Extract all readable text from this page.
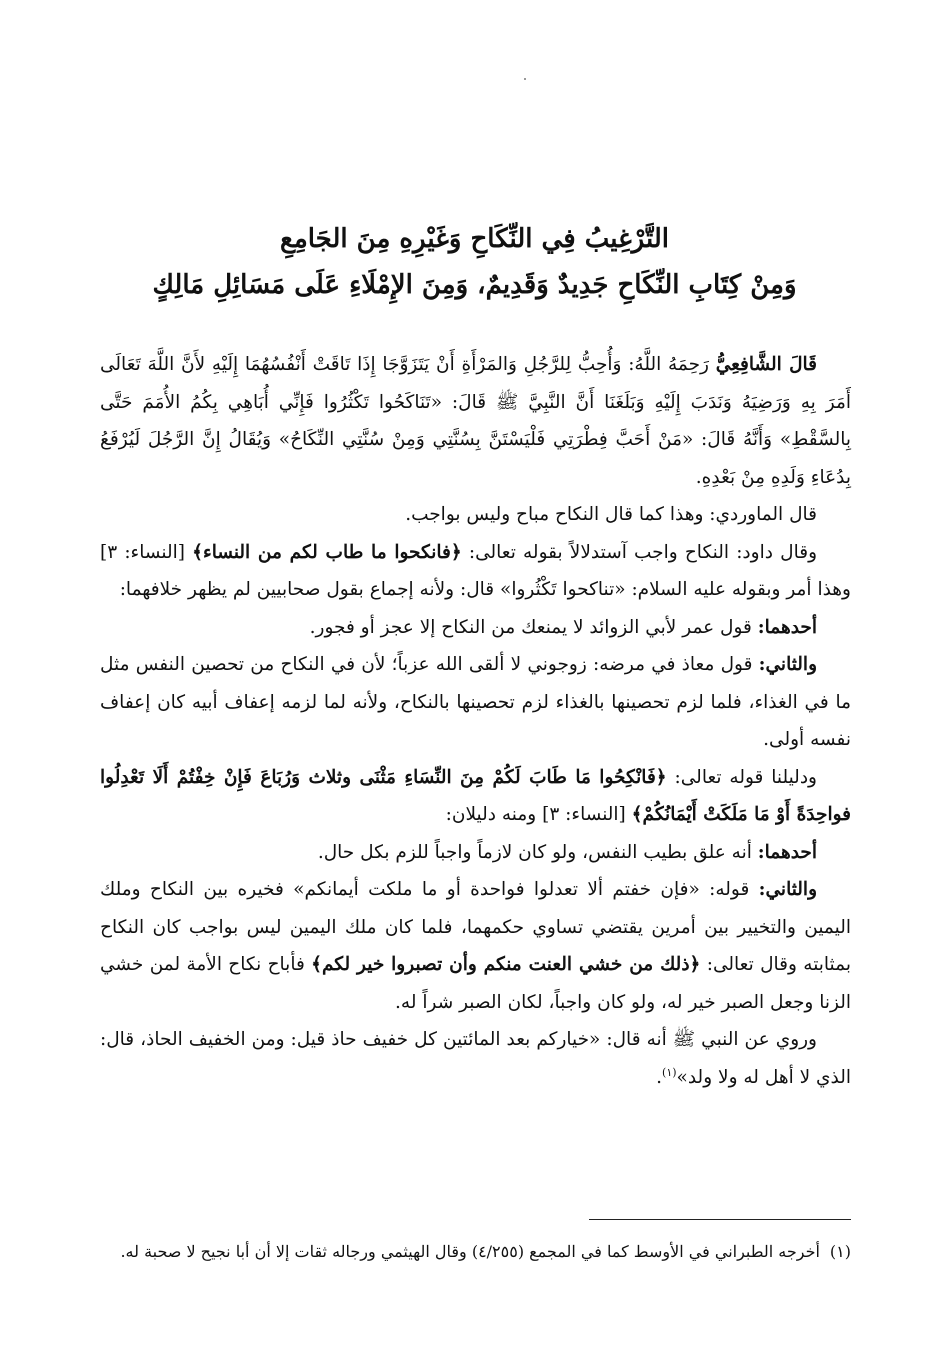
التَّرْغِيبُ فِي النِّكَاحِ وَغَيْرِهِ مِنَ الجَامِعِ
وَمِنْ كِتَابِ النِّكَاحِ جَدِيدٌ وَقَدِيمٌ، وَمِنَ الإِمْلَاءِ عَلَى مَسَائِلِ مَالِكٍ

قَالَ الشَّافِعِيُّ رَحِمَهُ اللَّهُ: وَأُحِبُّ لِلرَّجُلِ وَالمَرْأَةِ أَنْ يَتَزَوَّجَا إِذَا تَاقَتْ أَنْفُسُهُمَا إِلَيْهِ لأَنَّ اللَّهَ تَعَالَى أَمَرَ بِهِ وَرَضِيَهُ وَنَدَبَ إِلَيْهِ وَبَلَغَنَا أَنَّ النَّبِيَّ ﷺ قَالَ: «تَنَاكَحُوا تَكْثُرُوا فَإِنِّي أُبَاهِي بِكُمُ الأُمَمَ حَتَّى بِالسَّقْطِ» وَأَنَّهُ قَالَ: «مَنْ أَحَبَّ فِطْرَتِي فَلْيَسْتَنَّ بِسُنَّتِي وَمِنْ سُنَّتِي النِّكَاحُ» وَيُقَالُ إِنَّ الرَّجُلَ لَيُرْفَعُ بِدُعَاءِ وَلَدِهِ مِنْ بَعْدِهِ.

قال الماوردي: وهذا كما قال النكاح مباح وليس بواجب.

وقال داود: النكاح واجب آستدلالاً بقوله تعالى: ﴿فانكحوا ما طاب لكم من النساء﴾ [النساء: ٣] وهذا أمر وبقوله عليه السلام: «تناكحوا تَكْثُروا» قال: ولأنه إجماع بقول صحابيين لم يظهر خلافهما:

أحدهما: قول عمر لأبي الزوائد لا يمنعك من النكاح إلا عجز أو فجور.

والثاني: قول معاذ في مرضه: زوجوني لا ألقى الله عزباً؛ لأن في النكاح من تحصين النفس مثل ما في الغذاء، فلما لزم تحصينها بالغذاء لزم تحصينها بالنكاح، ولأنه لما لزمه إعفاف أبيه كان إعفاف نفسه أولى.

ودليلنا قوله تعالى: ﴿فَانْكِحُوا مَا طَابَ لَكُمْ مِنَ النِّسَاءِ مَثْنَى وثلاث وَرُبَاعَ فَإِنْ خِفْتُمْ أَلَا تَعْدِلُوا فواحِدَةً أَوْ مَا مَلَكَتْ أَيْمَانُكُمْ﴾ [النساء: ٣] ومنه دليلان:

أحدهما: أنه علق بطيب النفس، ولو كان لازماً واجباً للزم بكل حال.

والثاني: قوله: «فإن خفتم ألا تعدلوا فواحدة أو ما ملكت أيمانكم» فخيره بين النكاح وملك اليمين والتخيير بين أمرين يقتضي تساوي حكمهما، فلما كان ملك اليمين ليس بواجب كان النكاح بمثابته وقال تعالى: ﴿ذلك من خشي العنت منكم وأن تصبروا خير لكم﴾ فأباح نكاح الأمة لمن خشي الزنا وجعل الصبر خير له، ولو كان واجباً، لكان الصبر شراً له.

وروي عن النبي ﷺ أنه قال: «خياركم بعد المائتين كل خفيف حاذ قيل: ومن الخفيف الحاذ، قال: الذي لا أهل له ولا ولد»$^{(١)}$.

(١)أخرجه الطبراني في الأوسط كما في المجمع (٤/٢٥٥) وقال الهيثمي ورجاله ثقات إلا أن أبا نجيح لا صحبة له.
